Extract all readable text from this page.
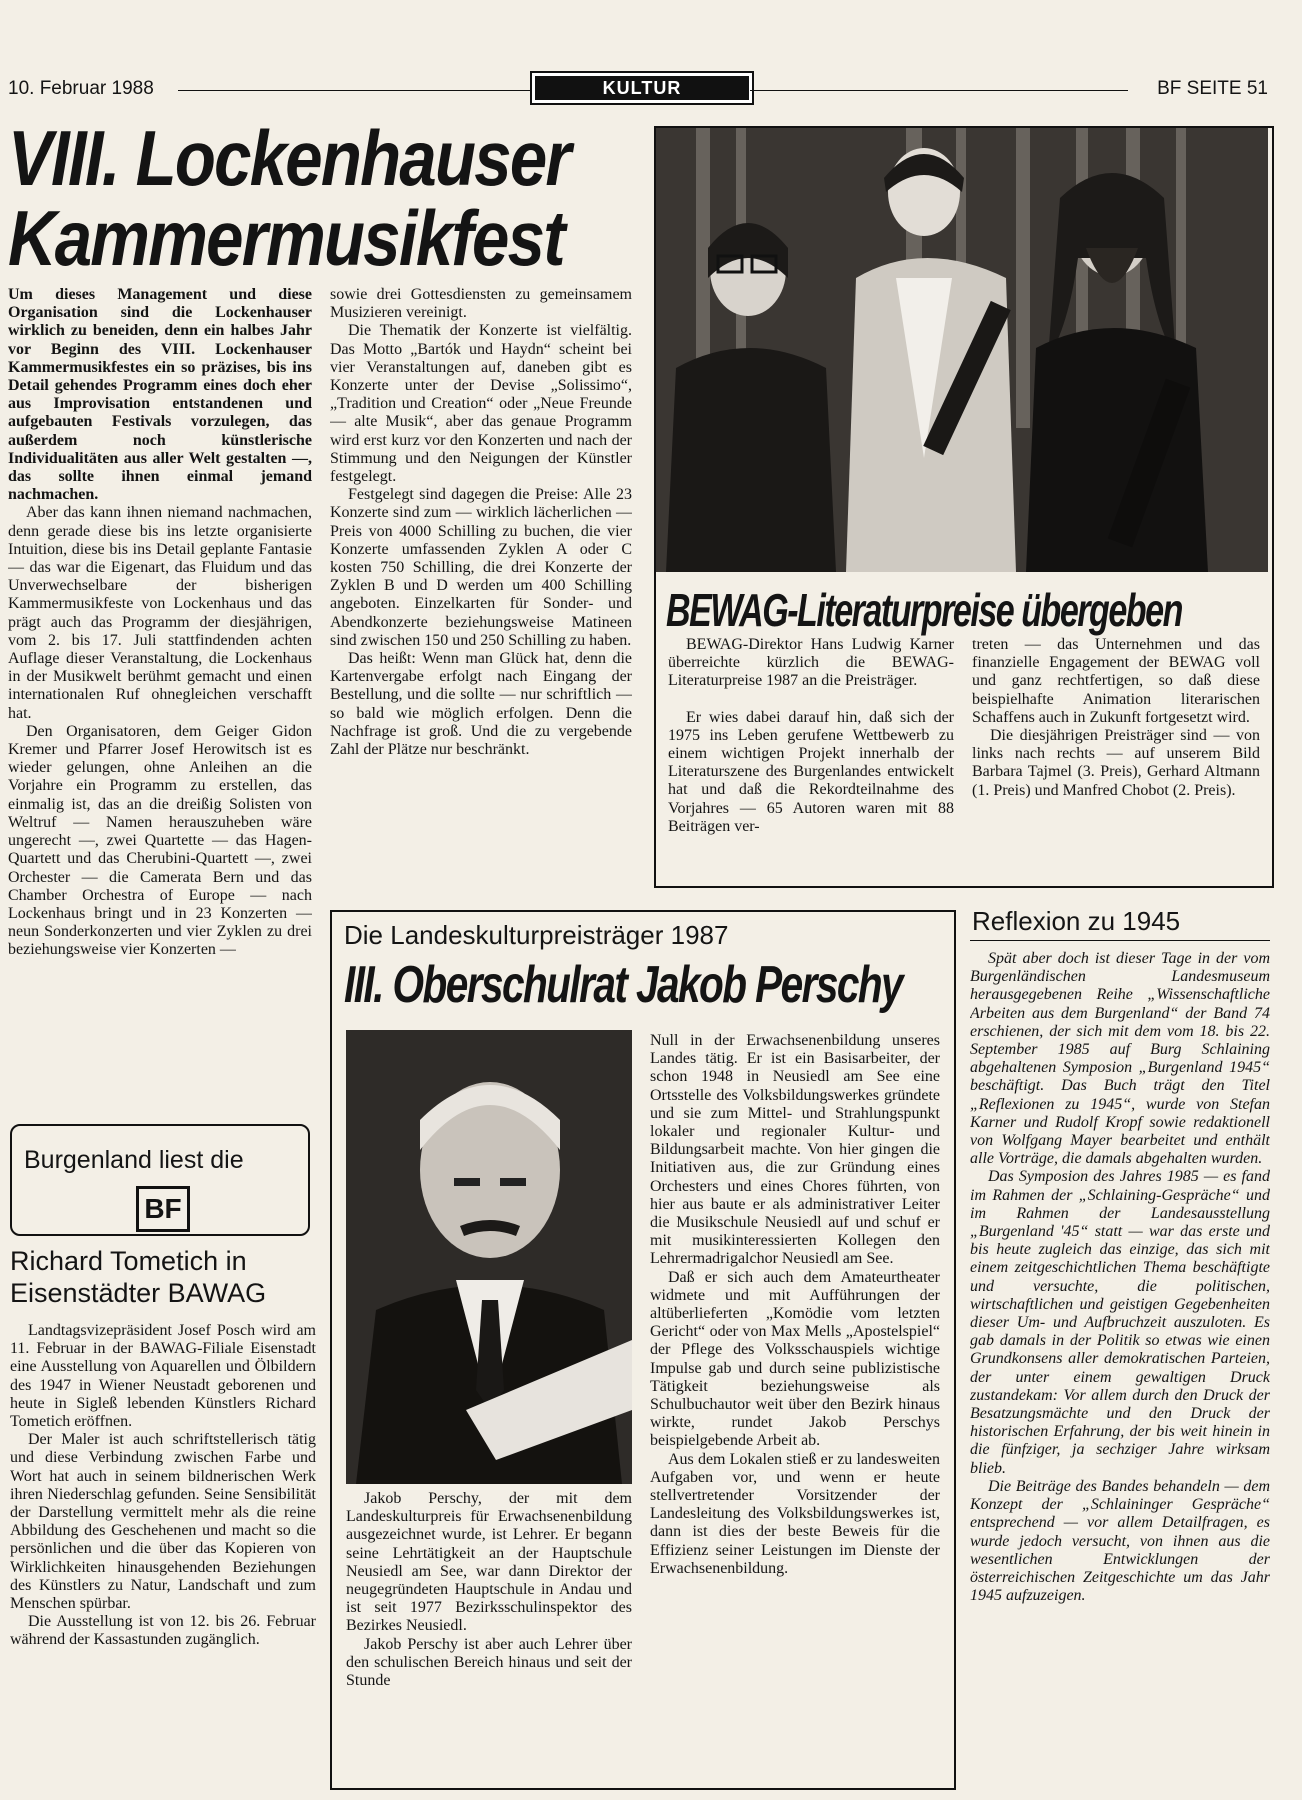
10. Februar 1988	KULTUR	BF SEITE 51
VIII. Lockenhauser
Kammermusikfest

Um dieses Management und diese Organisation sind die Lockenhauser wirklich zu beneiden, denn ein halbes Jahr vor Beginn des VIII. Lockenhauser Kammermusikfestes ein so präzises, bis ins Detail gehendes Programm eines doch eher aus Improvisation entstandenen und aufgebauten Festivals vorzulegen, das außerdem noch künstlerische Individualitäten aus aller Welt gestalten —, das sollte ihnen einmal jemand nachmachen.

Aber das kann ihnen niemand nachmachen, denn gerade diese bis ins letzte organisierte Intuition, diese bis ins Detail geplante Fantasie — das war die Eigenart, das Fluidum und das Unverwechselbare der bisherigen Kammermusikfeste von Lockenhaus und das prägt auch das Programm der diesjährigen, vom 2. bis 17. Juli stattfindenden achten Auflage dieser Veranstaltung, die Lockenhaus in der Musikwelt berühmt gemacht und einen internationalen Ruf ohnegleichen verschafft hat.

Den Organisatoren, dem Geiger Gidon Kremer und Pfarrer Josef Herowitsch ist es wieder gelungen, ohne Anleihen an die Vorjahre ein Programm zu erstellen, das einmalig ist, das an die dreißig Solisten von Weltruf — Namen herauszuheben wäre ungerecht —, zwei Quartette — das Hagen-Quartett und das Cherubini-Quartett —, zwei Orchester — die Camerata Bern und das Chamber Orchestra of Europe — nach Lockenhaus bringt und in 23 Konzerten — neun Sonderkonzerten und vier Zyklen zu drei beziehungsweise vier Konzerten —

sowie drei Gottesdiensten zu gemeinsamem Musizieren vereinigt.

Die Thematik der Konzerte ist vielfältig. Das Motto „Bartók und Haydn“ scheint bei vier Veranstaltungen auf, daneben gibt es Konzerte unter der Devise „Solissimo“, „Tradition und Creation“ oder „Neue Freunde — alte Musik“, aber das genaue Programm wird erst kurz vor den Konzerten und nach der Stimmung und den Neigungen der Künstler festgelegt.

Festgelegt sind dagegen die Preise: Alle 23 Konzerte sind zum — wirklich lächerlichen — Preis von 4000 Schilling zu buchen, die vier Konzerte umfassenden Zyklen A oder C kosten 750 Schilling, die drei Konzerte der Zyklen B und D werden um 400 Schilling angeboten. Einzelkarten für Sonder- und Abendkonzerte beziehungsweise Matineen sind zwischen 150 und 250 Schilling zu haben.

Das heißt: Wenn man Glück hat, denn die Kartenvergabe erfolgt nach Eingang der Bestellung, und die sollte — nur schriftlich — so bald wie möglich erfolgen. Denn die Nachfrage ist groß. Und die zu vergebende Zahl der Plätze nur beschränkt.

BEWAG-Literaturpreise übergeben

BEWAG-Direktor Hans Ludwig Karner überreichte kürzlich die BEWAG-Literaturpreise 1987 an die Preisträger.

Er wies dabei darauf hin, daß sich der 1975 ins Leben gerufene Wettbewerb zu einem wichtigen Projekt innerhalb der Literaturszene des Burgenlandes entwickelt hat und daß die Rekordteilnahme des Vorjahres — 65 Autoren waren mit 88 Beiträgen ver-

treten — das Unternehmen und das finanzielle Engagement der BEWAG voll und ganz rechtfertigen, so daß diese beispielhafte Animation literarischen Schaffens auch in Zukunft fortgesetzt wird.

Die diesjährigen Preisträger sind — von links nach rechts — auf unserem Bild Barbara Tajmel (3. Preis), Gerhard Altmann (1. Preis) und Manfred Chobot (2. Preis).

Burgenland liest die
BF
Richard Tometich in
Eisenstädter BAWAG

Landtagsvizepräsident Josef Posch wird am 11. Februar in der BAWAG-Filiale Eisenstadt eine Ausstellung von Aquarellen und Ölbildern des 1947 in Wiener Neustadt geborenen und heute in Sigleß lebenden Künstlers Richard Tometich eröffnen.

Der Maler ist auch schriftstellerisch tätig und diese Verbindung zwischen Farbe und Wort hat auch in seinem bildnerischen Werk ihren Niederschlag gefunden. Seine Sensibilität der Darstellung vermittelt mehr als die reine Abbildung des Geschehenen und macht so die persönlichen und die über das Kopieren von Wirklichkeiten hinausgehenden Beziehungen des Künstlers zu Natur, Landschaft und zum Menschen spürbar.

Die Ausstellung ist von 12. bis 26. Februar während der Kassastunden zugänglich.

Die Landeskulturpreisträger 1987
III. Oberschulrat Jakob Perschy

Jakob Perschy, der mit dem Landeskulturpreis für Erwachsenenbildung ausgezeichnet wurde, ist Lehrer. Er begann seine Lehrtätigkeit an der Hauptschule Neusiedl am See, war dann Direktor der neugegründeten Hauptschule in Andau und ist seit 1977 Bezirksschulinspektor des Bezirkes Neusiedl.

Jakob Perschy ist aber auch Lehrer über den schulischen Bereich hinaus und seit der Stunde

Null in der Erwachsenenbildung unseres Landes tätig. Er ist ein Basisarbeiter, der schon 1948 in Neusiedl am See eine Ortsstelle des Volksbildungswerkes gründete und sie zum Mittel- und Strahlungspunkt lokaler und regionaler Kultur- und Bildungsarbeit machte. Von hier gingen die Initiativen aus, die zur Gründung eines Orchesters und eines Chores führten, von hier aus baute er als administrativer Leiter die Musikschule Neusiedl auf und schuf er mit musikinteressierten Kollegen den Lehrermadrigalchor Neusiedl am See.

Daß er sich auch dem Amateurtheater widmete und mit Aufführungen der altüberlieferten „Komödie vom letzten Gericht“ oder von Max Mells „Apostelspiel“ der Pflege des Volksschauspiels wichtige Impulse gab und durch seine publizistische Tätigkeit beziehungsweise als Schulbuchautor weit über den Bezirk hinaus wirkte, rundet Jakob Perschys beispielgebende Arbeit ab.

Aus dem Lokalen stieß er zu landesweiten Aufgaben vor, und wenn er heute stellvertretender Vorsitzender der Landesleitung des Volksbildungswerkes ist, dann ist dies der beste Beweis für die Effizienz seiner Leistungen im Dienste der Erwachsenenbildung.

Reflexion zu 1945

Spät aber doch ist dieser Tage in der vom Burgenländischen Landesmuseum herausgegebenen Reihe „Wissenschaftliche Arbeiten aus dem Burgenland“ der Band 74 erschienen, der sich mit dem vom 18. bis 22. September 1985 auf Burg Schlaining abgehaltenen Symposion „Burgenland 1945“ beschäftigt. Das Buch trägt den Titel „Reflexionen zu 1945“, wurde von Stefan Karner und Rudolf Kropf sowie redaktionell von Wolfgang Mayer bearbeitet und enthält alle Vorträge, die damals abgehalten wurden.

Das Symposion des Jahres 1985 — es fand im Rahmen der „Schlaining-Gespräche“ und im Rahmen der Landesausstellung „Burgenland '45“ statt — war das erste und bis heute zugleich das einzige, das sich mit einem zeitgeschichtlichen Thema beschäftigte und versuchte, die politischen, wirtschaftlichen und geistigen Gegebenheiten dieser Um- und Aufbruchzeit auszuloten. Es gab damals in der Politik so etwas wie einen Grundkonsens aller demokratischen Parteien, der unter einem gewaltigen Druck zustandekam: Vor allem durch den Druck der Besatzungsmächte und den Druck der historischen Erfahrung, der bis weit hinein in die fünfziger, ja sechziger Jahre wirksam blieb.

Die Beiträge des Bandes behandeln — dem Konzept der „Schlaininger Gespräche“ entsprechend — vor allem Detailfragen, es wurde jedoch versucht, von ihnen aus die wesentlichen Entwicklungen der österreichischen Zeitgeschichte um das Jahr 1945 aufzuzeigen.
